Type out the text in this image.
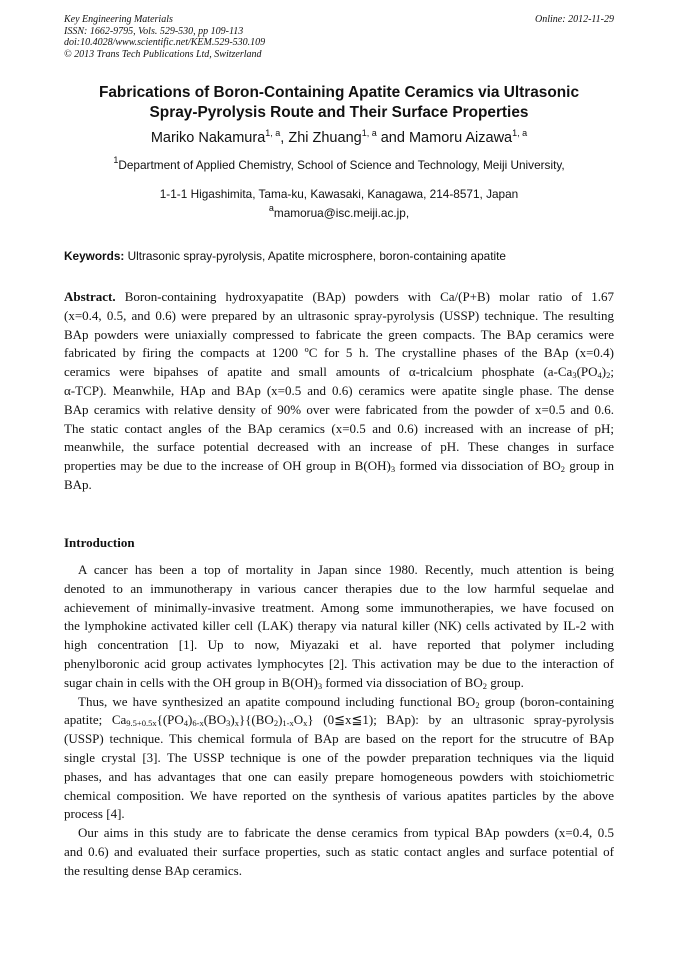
Key Engineering Materials
ISSN: 1662-9795, Vols. 529-530, pp 109-113
doi:10.4028/www.scientific.net/KEM.529-530.109
© 2013 Trans Tech Publications Ltd, Switzerland
Online: 2012-11-29
Fabrications of Boron-Containing Apatite Ceramics via Ultrasonic
Spray-Pyrolysis Route and Their Surface Properties
Mariko Nakamura$^{1, a}$, Zhi Zhuang$^{1, a}$ and Mamoru Aizawa$^{1, a}$
$^1$Department of Applied Chemistry, School of Science and Technology, Meiji University,
1-1-1 Higashimita, Tama-ku, Kawasaki, Kanagawa, 214-8571, Japan
$^a$mamorua@isc.meiji.ac.jp,
Keywords: Ultrasonic spray-pyrolysis, Apatite microsphere, boron-containing apatite
Abstract. Boron-containing hydroxyapatite (BAp) powders with Ca/(P+B) molar ratio of 1.67
(x=0.4, 0.5, and 0.6) were prepared by an ultrasonic spray-pyrolysis (USSP) technique. The resulting
BAp powders were uniaxially compressed to fabricate the green compacts. The BAp ceramics were
fabricated by firing the compacts at 1200 ºC for 5 h. The crystalline phases of the BAp (x=0.4)
ceramics were bipahses of apatite and small amounts of α-tricalcium phosphate ($a-Ca_3(PO_4)_2$;
α-TCP). Meanwhile, HAp and BAp (x=0.5 and 0.6) ceramics were apatite single phase. The dense
BAp ceramics with relative density of 90% over were fabricated from the powder of x=0.5 and 0.6.
The static contact angles of the BAp ceramics (x=0.5 and 0.6) increased with an increase of pH;
meanwhile, the surface potential decreased with an increase of pH. These changes in surface
properties may be due to the increase of OH group in $B(OH)_3$ formed via dissociation of $BO_2$ group in
BAp.
Introduction
A cancer has been a top of mortality in Japan since 1980. Recently, much attention is being
denoted to an immunotherapy in various cancer therapies due to the low harmful sequelae and
achievement of minimally-invasive treatment. Among some immunotherapies, we have focused on
the lymphokine activated killer cell (LAK) therapy via natural killer (NK) cells activated by IL-2 with
high concentration [1]. Up to now, Miyazaki et al. have reported that polymer including
phenylboronic acid group activates lymphocytes [2]. This activation may be due to the interaction of
sugar chain in cells with the OH group in $B(OH)_3$ formed via dissociation of $BO_2$ group.
Thus, we have synthesized an apatite compound including functional $BO_2$ group (boron-containing
apatite; $Ca_{9.5+0.5x}\{(PO_4)_{6-x}(BO_3)_x\}\{(BO_2)_{1-x}O_x\}$ (0≦x≦1); BAp): by an ultrasonic spray-pyrolysis
(USSP) technique. This chemical formula of BAp are based on the report for the strucutre of BAp
single crystal [3]. The USSP technique is one of the powder preparation techniques via the liquid
phases, and has advantages that one can easily prepare homogeneous powders with stoichiometric
chemical composition. We have reported on the synthesis of various apatites particles by the above
process [4].
Our aims in this study are to fabricate the dense ceramics from typical BAp powders (x=0.4, 0.5
and 0.6) and evaluated their surface properties, such as static contact angles and surface potential of
the resulting dense BAp ceramics.
